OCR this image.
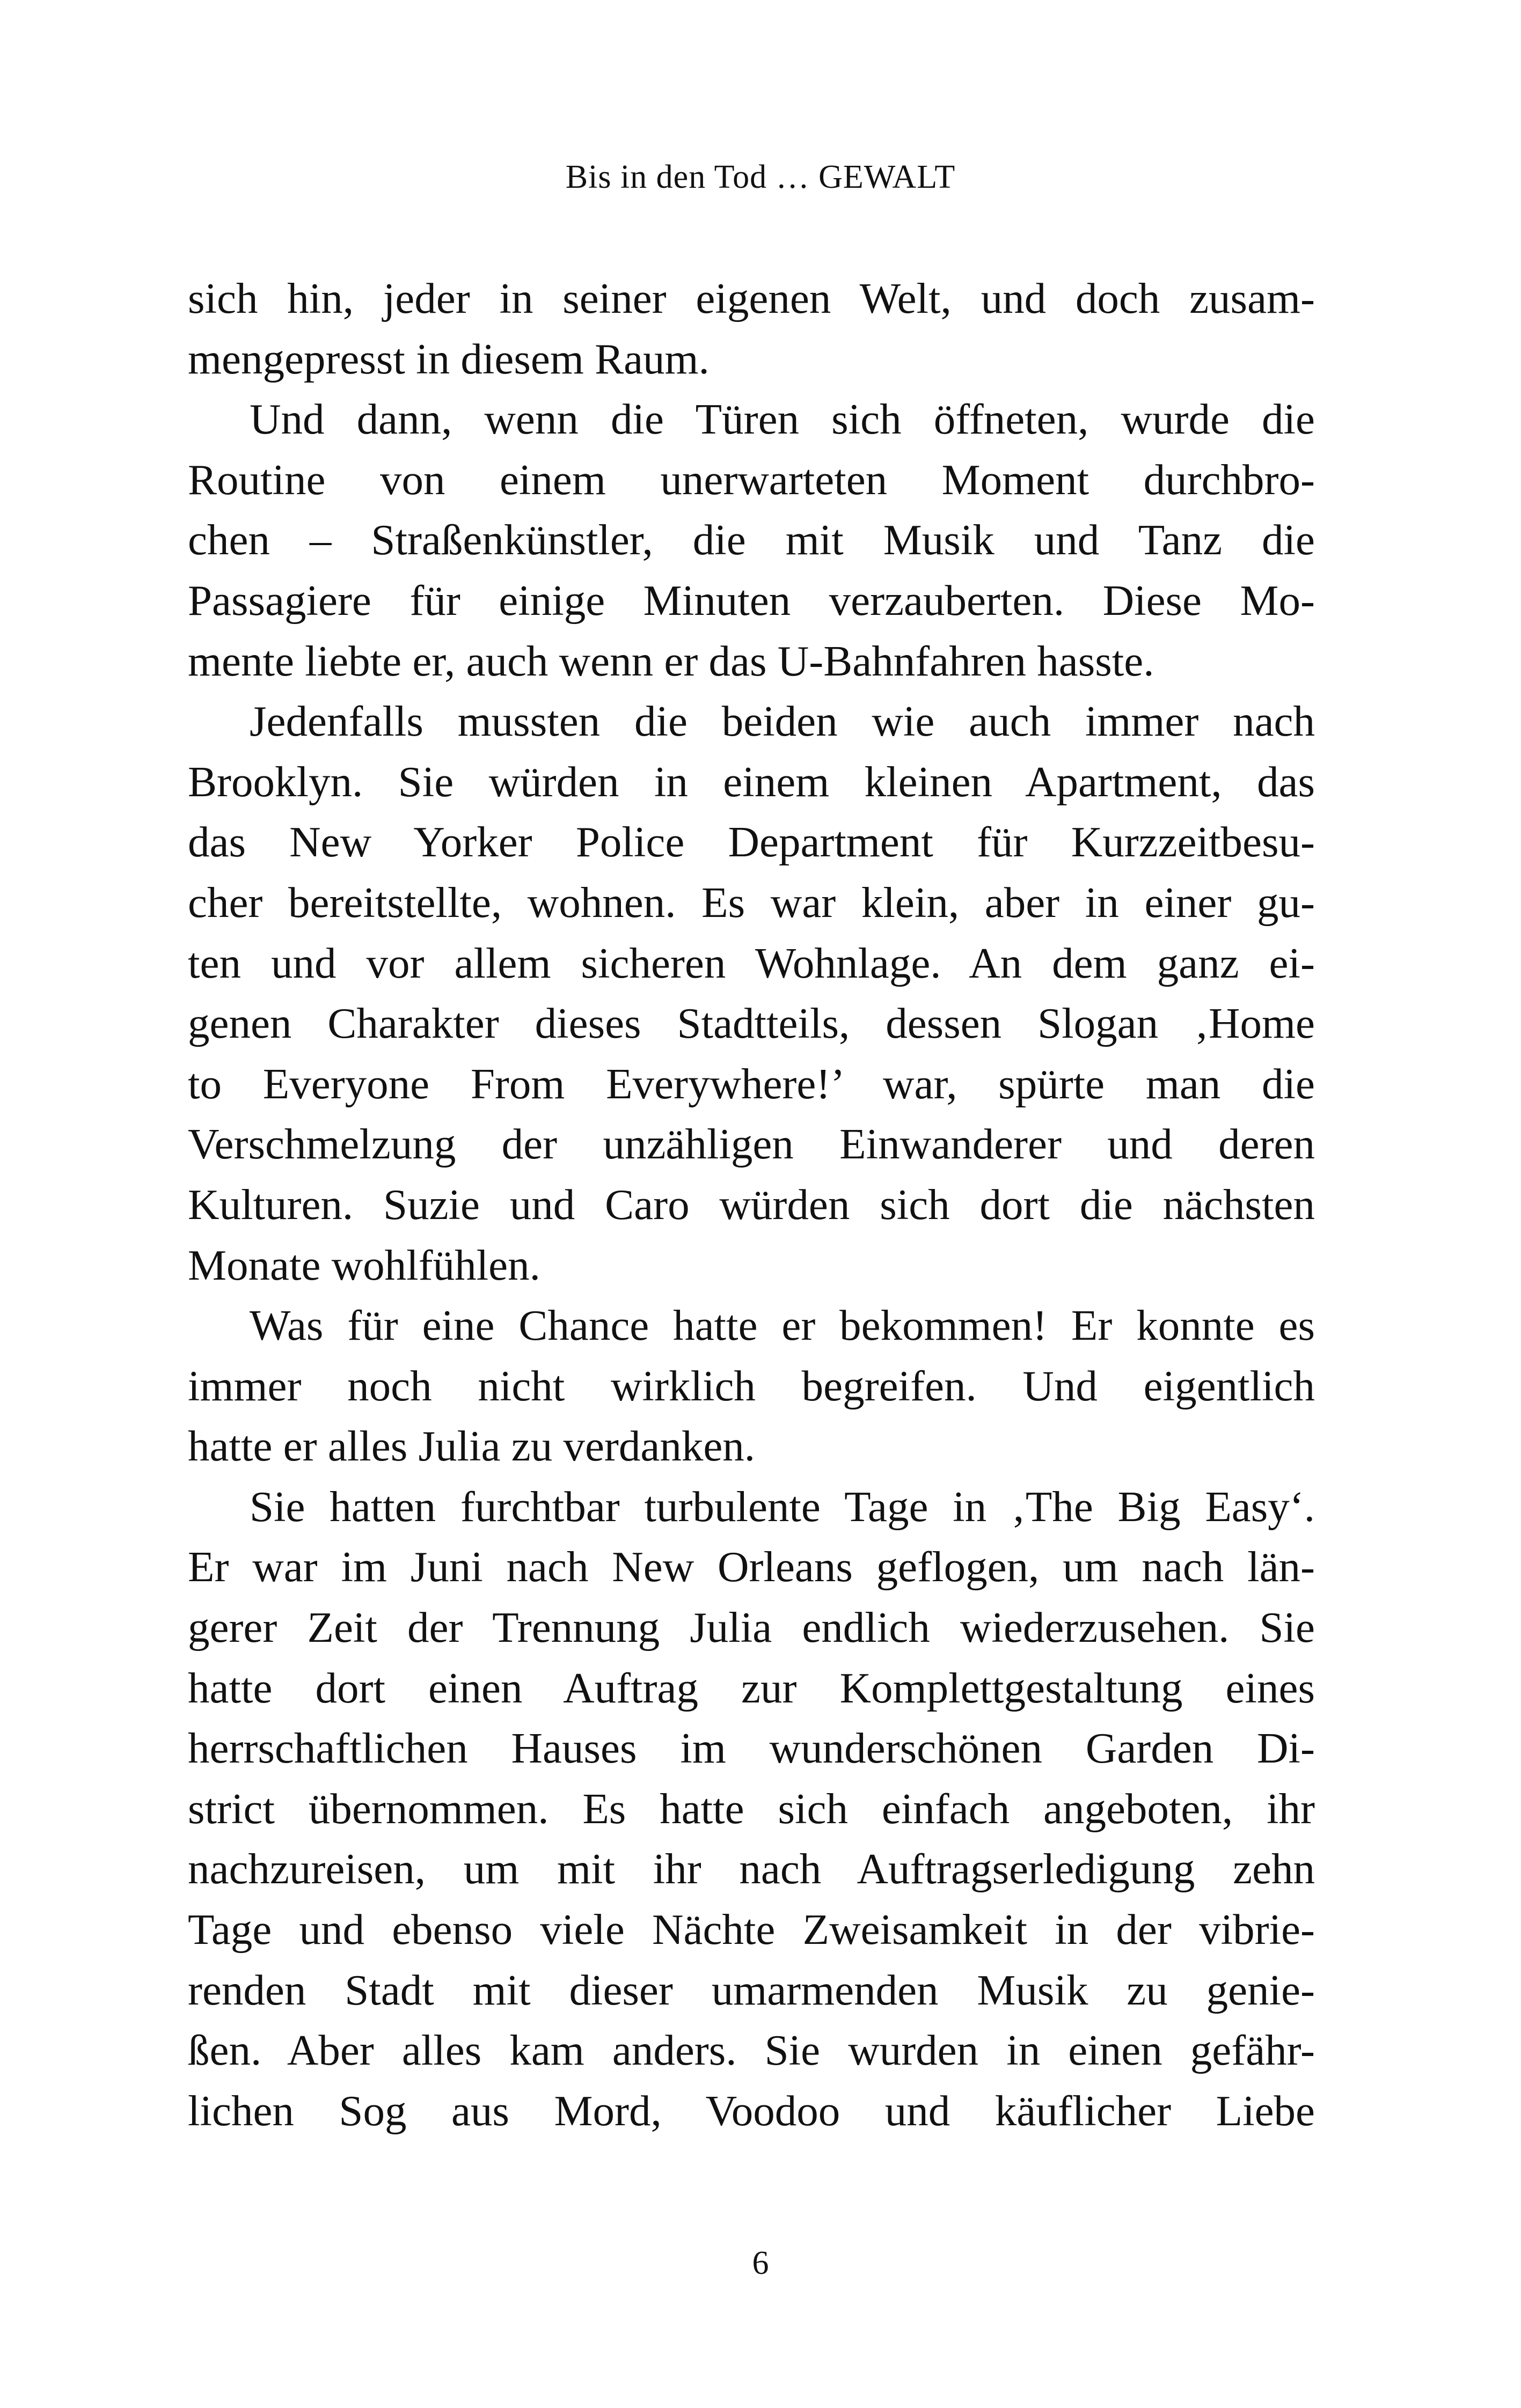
Bis in den Tod … GEWALT
sich hin, jeder in seiner eigenen Welt, und doch zusam-
mengepresst in diesem Raum.
Und dann, wenn die Türen sich öffneten, wurde die
Routine von einem unerwarteten Moment durchbro-
chen – Straßenkünstler, die mit Musik und Tanz die
Passagiere für einige Minuten verzauberten. Diese Mo-
mente liebte er, auch wenn er das U-Bahnfahren hasste.
Jedenfalls mussten die beiden wie auch immer nach
Brooklyn. Sie würden in einem kleinen Apartment, das
das New Yorker Police Department für Kurzzeitbesu-
cher bereitstellte, wohnen. Es war klein, aber in einer gu-
ten und vor allem sicheren Wohnlage. An dem ganz ei-
genen Charakter dieses Stadtteils, dessen Slogan ‚Home
to Everyone From Everywhere!’ war, spürte man die
Verschmelzung der unzähligen Einwanderer und deren
Kulturen. Suzie und Caro würden sich dort die nächsten
Monate wohlfühlen.
Was für eine Chance hatte er bekommen! Er konnte es
immer noch nicht wirklich begreifen. Und eigentlich
hatte er alles Julia zu verdanken.
Sie hatten furchtbar turbulente Tage in ‚The Big Easy‘.
Er war im Juni nach New Orleans geflogen, um nach län-
gerer Zeit der Trennung Julia endlich wiederzusehen. Sie
hatte dort einen Auftrag zur Komplettgestaltung eines
herrschaftlichen Hauses im wunderschönen Garden Di-
strict übernommen. Es hatte sich einfach angeboten, ihr
nachzureisen, um mit ihr nach Auftragserledigung zehn
Tage und ebenso viele Nächte Zweisamkeit in der vibrie-
renden Stadt mit dieser umarmenden Musik zu genie-
ßen. Aber alles kam anders. Sie wurden in einen gefähr-
lichen Sog aus Mord, Voodoo und käuflicher Liebe
6
